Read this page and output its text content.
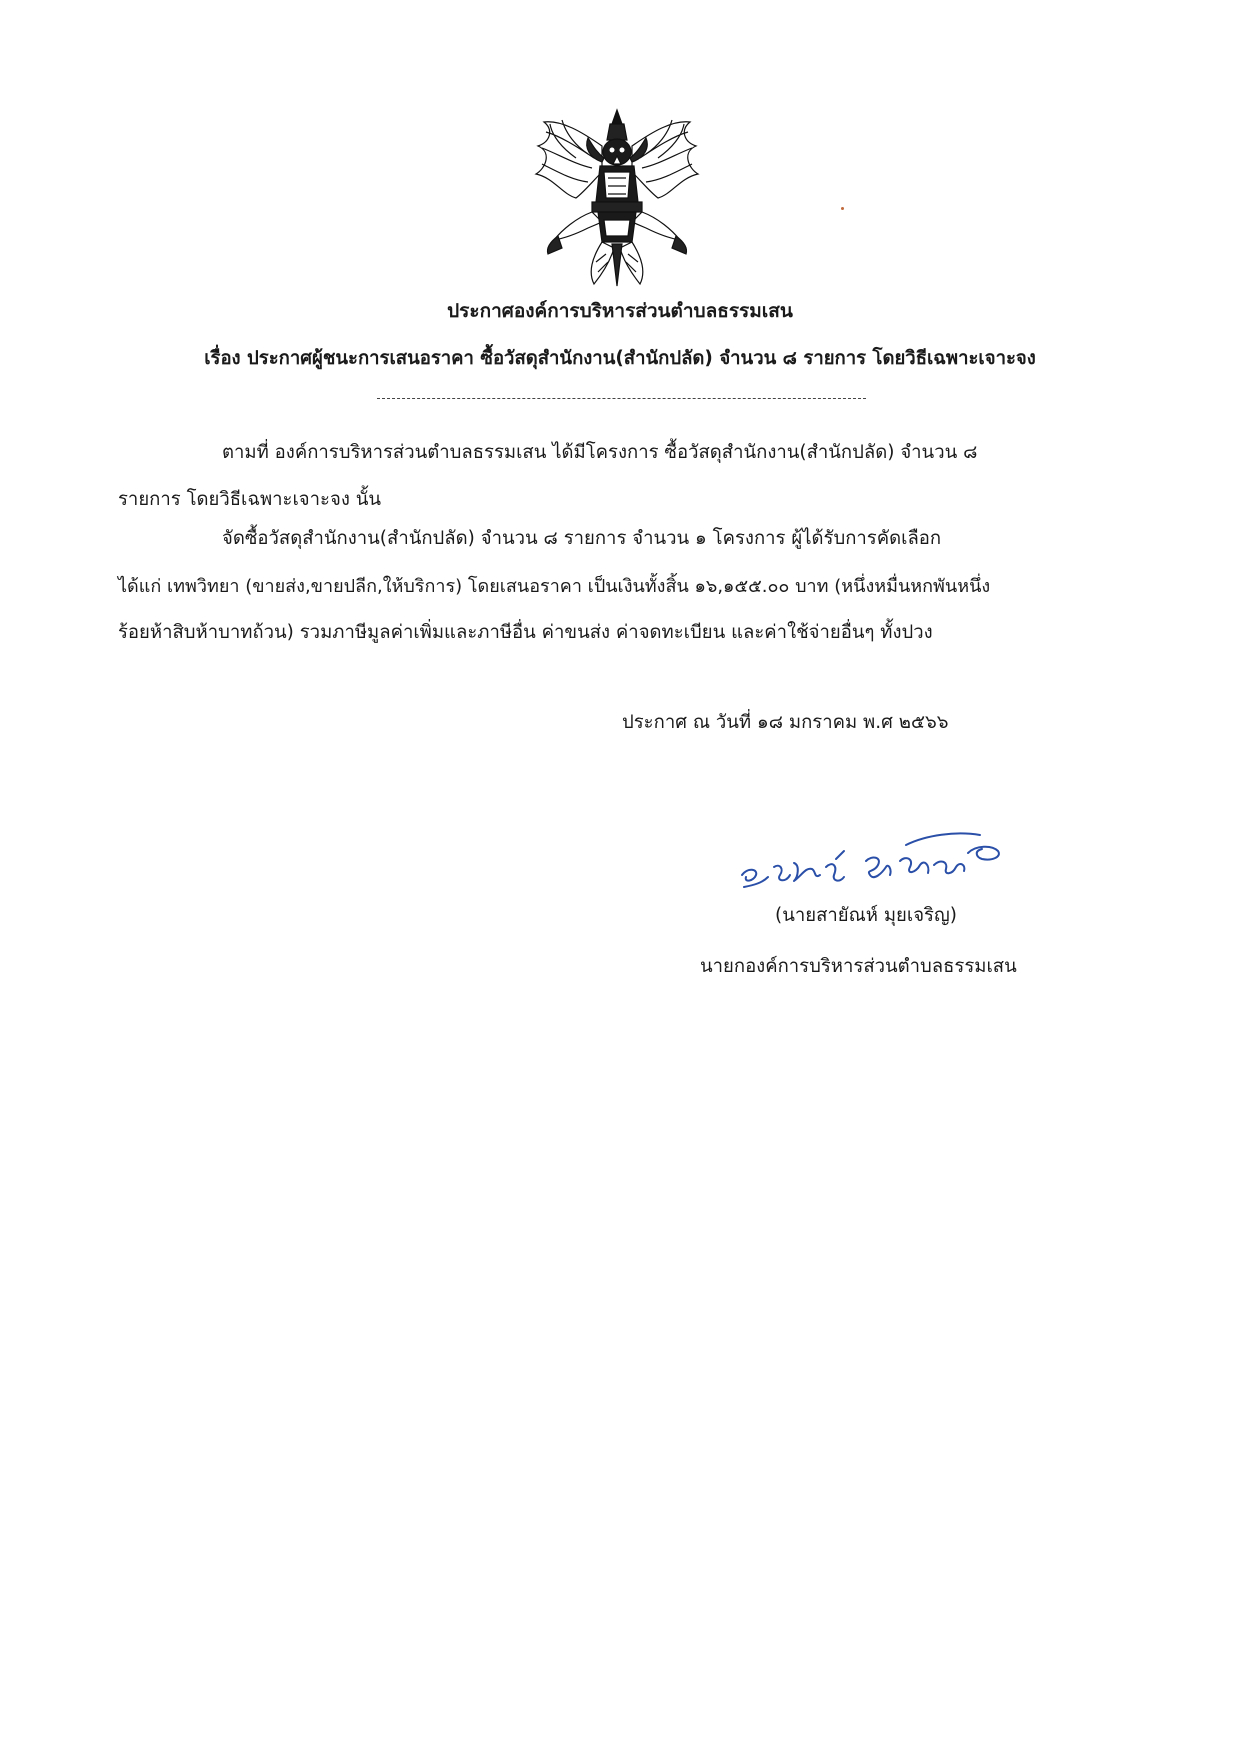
ประกาศองค์การบริหารส่วนตำบลธรรมเสน
เรื่อง ประกาศผู้ชนะการเสนอราคา ซื้อวัสดุสำนักงาน(สำนักปลัด) จำนวน ๘ รายการ โดยวิธีเฉพาะเจาะจง
ตามที่ องค์การบริหารส่วนตำบลธรรมเสน ได้มีโครงการ ซื้อวัสดุสำนักงาน(สำนักปลัด) จำนวน ๘
รายการ โดยวิธีเฉพาะเจาะจง นั้น
จัดซื้อวัสดุสำนักงาน(สำนักปลัด) จำนวน ๘ รายการ จำนวน ๑ โครงการ ผู้ได้รับการคัดเลือก
ได้แก่ เทพวิทยา (ขายส่ง,ขายปลีก,ให้บริการ) โดยเสนอราคา เป็นเงินทั้งสิ้น ๑๖,๑๕๕.๐๐ บาท (หนึ่งหมื่นหกพันหนึ่ง
ร้อยห้าสิบห้าบาทถ้วน) รวมภาษีมูลค่าเพิ่มและภาษีอื่น ค่าขนส่ง ค่าจดทะเบียน และค่าใช้จ่ายอื่นๆ ทั้งปวง
ประกาศ ณ วันที่ ๑๘ มกราคม พ.ศ ๒๕๖๖
(นายสายัณห์ มุยเจริญ)
นายกองค์การบริหารส่วนตำบลธรรมเสน
